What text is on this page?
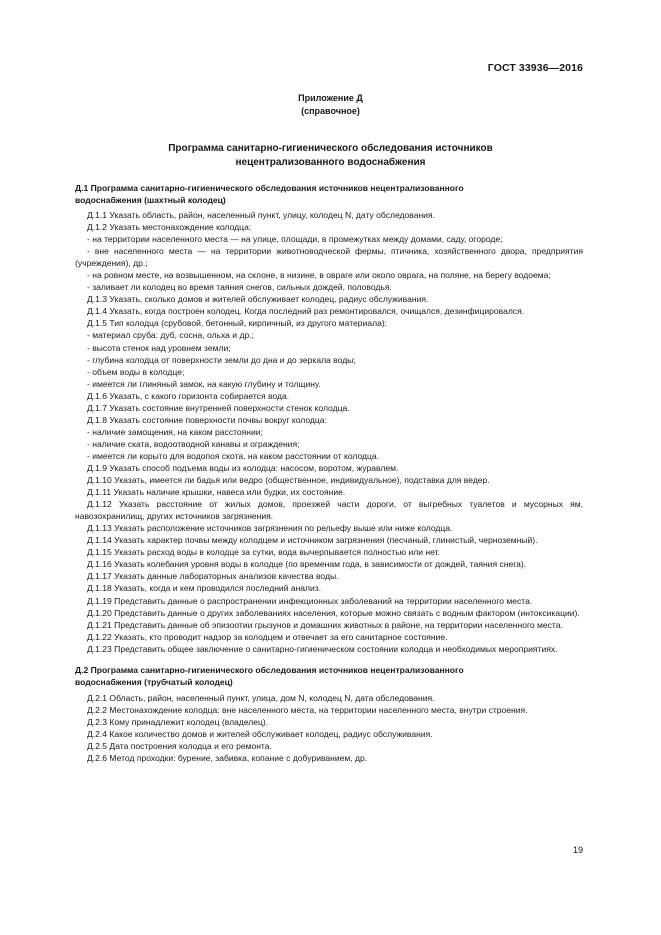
ГОСТ 33936—2016
Приложение Д
(справочное)
Программа санитарно-гигиенического обследования источников
нецентрализованного водоснабжения
Д.1 Программа санитарно-гигиенического обследования источников нецентрализованного
водоснабжения (шахтный колодец)

Д.1.1 Указать область, район, населенный пункт, улицу, колодец N, дату обследования.

Д.1.2 Указать местонахождение колодца:

- на территории населенного места — на улице, площади, в промежутках между домами, саду, огороде;

- вне населенного места — на территории животноводческой фермы, птичника, хозяйственного двора, предприятия (учреждения), др.;

- на ровном месте, на возвышенном, на склоне, в низине, в овраге или около оврага, на поляне, на берегу водоема;

- заливает ли колодец во время таяния снегов, сильных дождей, половодья.

Д.1.3 Указать, сколько домов и жителей обслуживает колодец, радиус обслуживания.

Д.1.4 Указать, когда построен колодец. Когда последний раз ремонтировался, очищался, дезинфицировался.

Д.1.5 Тип колодца (срубовой, бетонный, кирпичный, из другого материала):

- материал сруба: дуб, сосна, ольха и др.;

- высота стенок над уровнем земли;

- глубина колодца от поверхности земли до дна и до зеркала воды;

- объем воды в колодце;

- имеется ли глиняный замок, на какую глубину и толщину.

Д.1.6 Указать, с какого горизонта собирается вода.

Д.1.7 Указать состояние внутренней поверхности стенок колодца.

Д.1.8 Указать состояние поверхности почвы вокруг колодца:

- наличие замощения, на каком расстоянии;

- наличие ската, водоотводной канавы и ограждения;

- имеется ли корыто для водопоя скота, на каком расстоянии от колодца.

Д.1.9 Указать способ подъема воды из колодца: насосом, воротом, журавлем.

Д.1.10 Указать, имеется ли бадья или ведро (общественное, индивидуальное), подставка для ведер.

Д.1.11 Указать наличие крышки, навеса или будки, их состояние.

Д.1.12 Указать расстояние от жилых домов, проезжей части дороги, от выгребных туалетов и мусорных ям, навозохранилищ, других источников загрязнения.

Д.1.13 Указать расположение источников загрязнения по рельефу выше или ниже колодца.

Д.1.14 Указать характер почвы между колодцем и источником загрязнения (песчаный, глинистый, черноземный).

Д.1.15 Указать расход воды в колодце за сутки, вода вычерпывается полностью или нет.

Д.1.16 Указать колебания уровня воды в колодце (по временам года, в зависимости от дождей, таяния снега).

Д.1.17 Указать данные лабораторных анализов качества воды.

Д.1.18 Указать, когда и кем проводился последний анализ.

Д.1.19 Представить данные о распространении инфекционных заболеваний на территории населенного места.

Д.1.20 Представить данные о других заболеваниях населения, которые можно связать с водным фактором (интоксикации).

Д.1.21 Представить данные об эпизоотии грызунов и домашних животных в районе, на территории населенного места.

Д.1.22 Указать, кто проводит надзор за колодцем и отвечает за его санитарное состояние.

Д.1.23 Представить общее заключение о санитарно-гигиеническом состоянии колодца и необходимых мероприятиях.

Д.2 Программа санитарно-гигиенического обследования источников нецентрализованного
водоснабжения (трубчатый колодец)

Д.2.1 Область, район, населенный пункт, улица, дом N, колодец N, дата обследования.

Д.2.2 Местонахождение колодца: вне населенного места, на территории населенного места, внутри строения.

Д.2.3 Кому принадлежит колодец (владелец).

Д.2.4 Какое количество домов и жителей обслуживает колодец, радиус обслуживания.

Д.2.5 Дата построения колодца и его ремонта.

Д.2.6 Метод проходки: бурение, забивка, копание с добуриванием, др.

19
